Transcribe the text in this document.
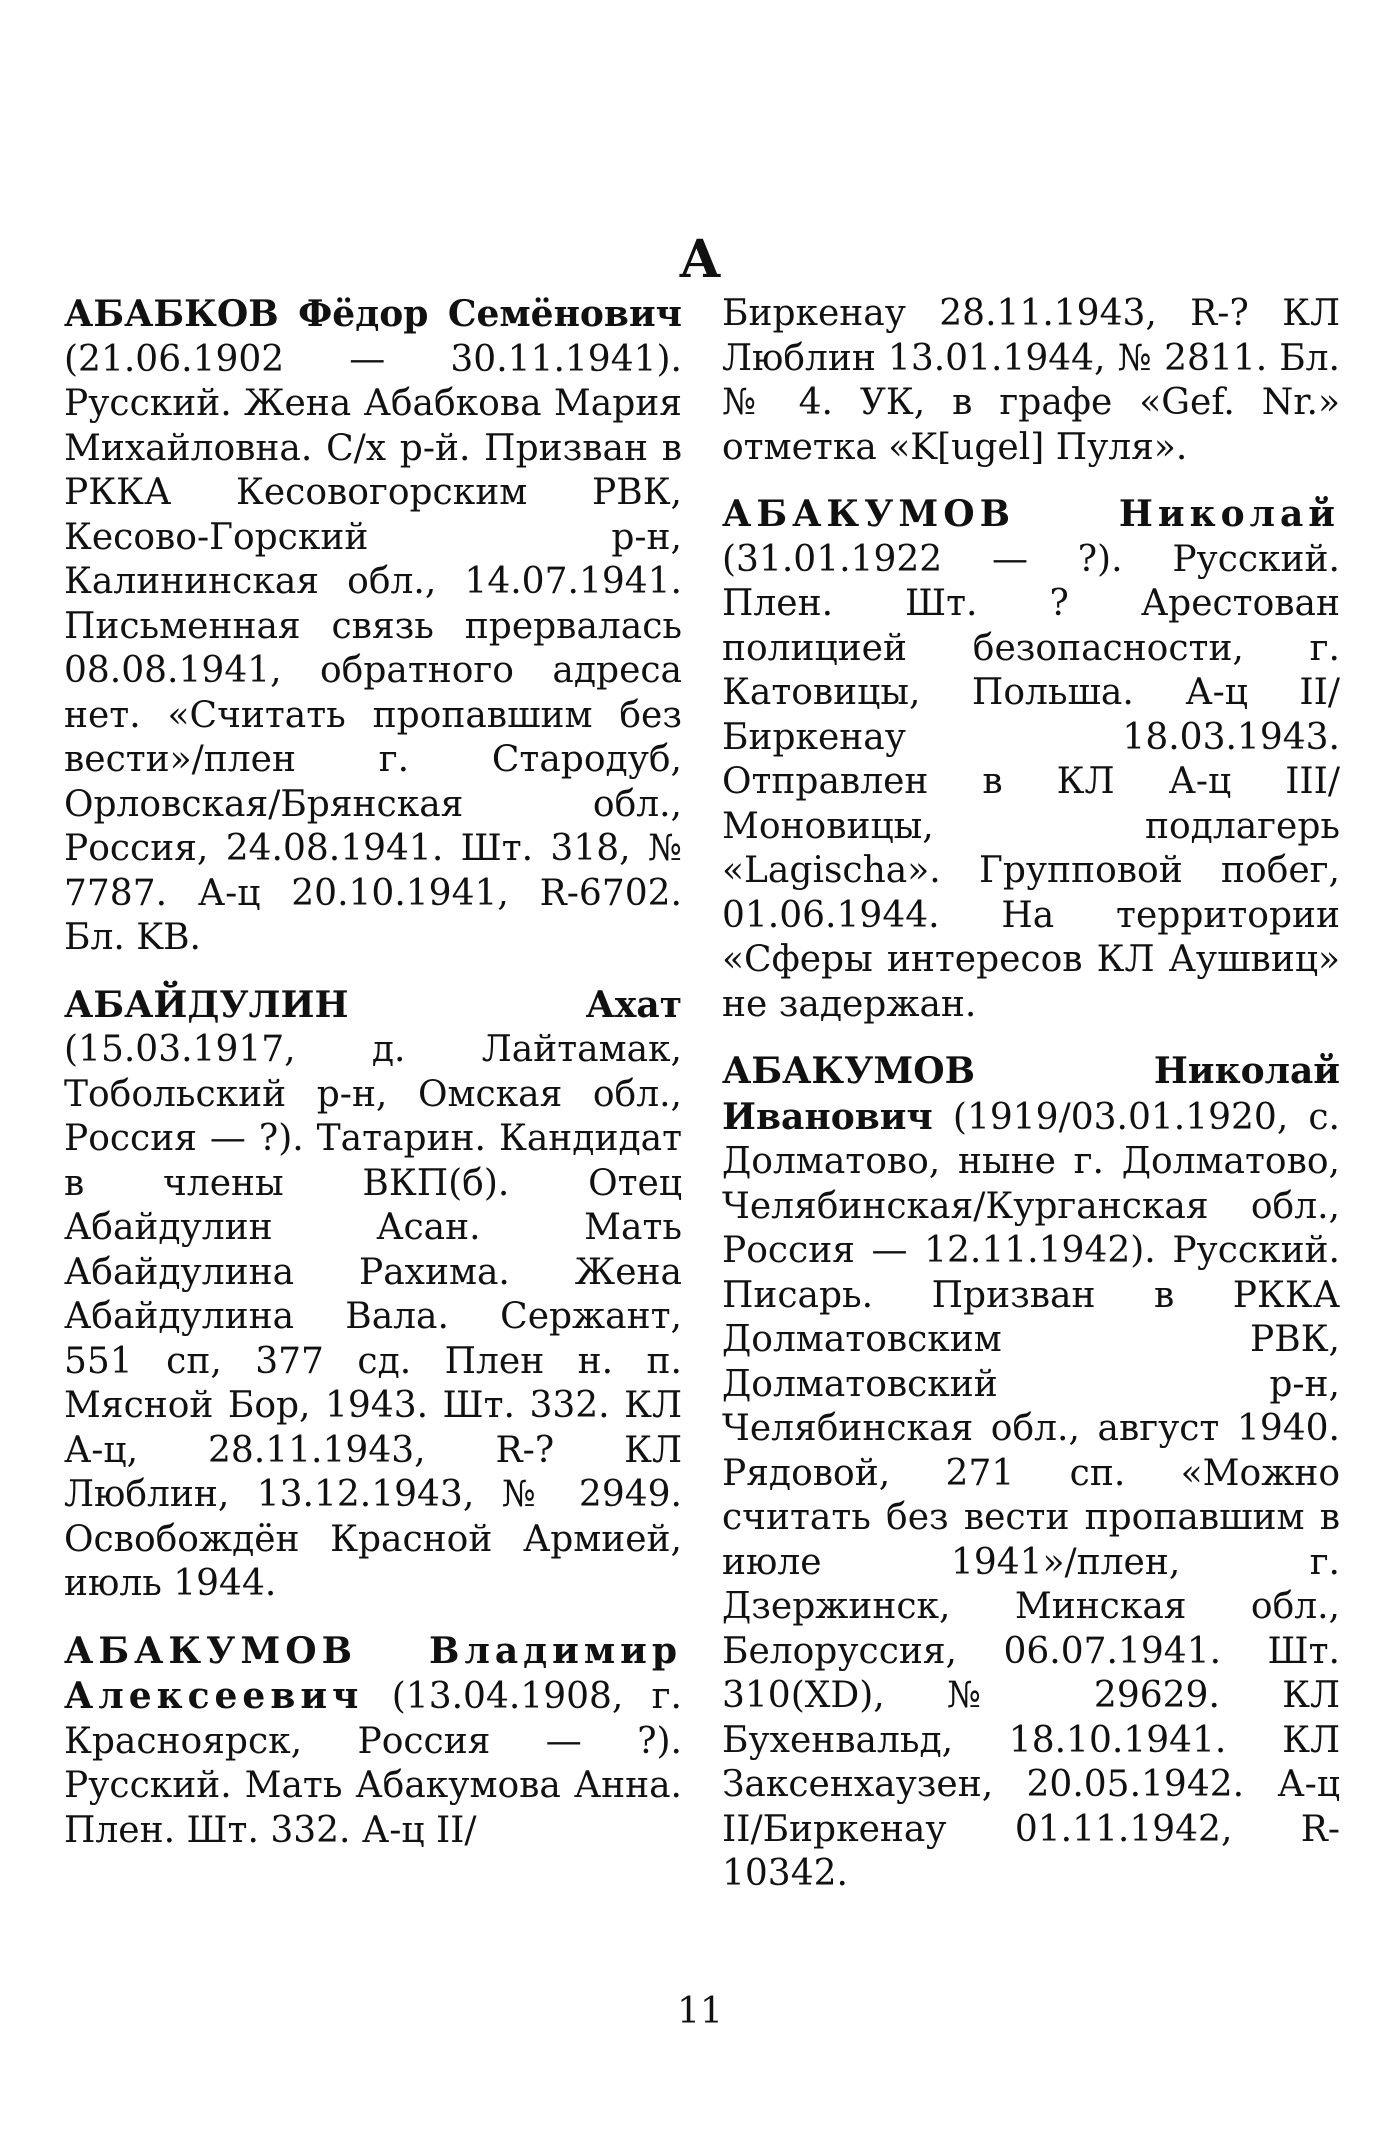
А

АБАБКОВ Фёдор Семёнович (21.06.1902 — 30.11.1941). Русский. Жена Абабкова Мария Михайловна. С/х р-й. Призван в РККА Кесовогорским РВК, Кесово-Горский р-н, Калининская обл., 14.07.1941. Письменная связь прервалась 08.08.1941, обратного адреса нет. «Считать пропавшим без вести»/плен г. Стародуб, Орловская/Брянская обл., Россия, 24.08.1941. Шт. 318, № 7787. А-ц 20.10.1941, R-6702. Бл. KB.

АБАЙДУЛИН Ахат (15.03.1917, д. Лайтамак, Тобольский р-н, Омская обл., Россия — ?). Татарин. Кандидат в члены ВКП(б). Отец Абайдулин Асан. Мать Абайдулина Рахима. Жена Абайдулина Вала. Сержант, 551 сп, 377 сд. Плен н. п. Мясной Бор, 1943. Шт. 332. КЛ А-ц, 28.11.1943, R-? КЛ Люблин, 13.12.1943, № 2949. Освобождён Красной Армией, июль 1944.

АБАКУМОВ Владимир Алексеевич (13.04.1908, г. Красноярск, Россия — ?). Русский. Мать Абакумова Анна. Плен. Шт. 332. А-ц II/

Биркенау 28.11.1943, R-? КЛ Люблин 13.01.1944, № 2811. Бл. № 4. УК, в графе «Gef. Nr.» отметка «K[ugel] Пуля».

АБАКУМОВ Николай (31.01.1922 — ?). Русский. Плен. Шт. ? Арестован полицией безопасности, г. Катовицы, Польша. А-ц II/Биркенау 18.03.1943. Отправлен в КЛ А-ц III/Моновицы, подлагерь «Lagischa». Групповой побег, 01.06.1944. На территории «Сферы интересов КЛ Аушвиц» не задержан.

АБАКУМОВ Николай Иванович (1919/03.01.1920, с. Долматово, ныне г. Долматово, Челябинская/Курганская обл., Россия — 12.11.1942). Русский. Писарь. Призван в РККА Долматовским РВК, Долматовский р-н, Челябинская обл., август 1940. Рядовой, 271 сп. «Можно считать без вести пропавшим в июле 1941»/плен, г. Дзержинск, Минская обл., Белоруссия, 06.07.1941. Шт. 310(XD), № 29629. КЛ Бухенвальд, 18.10.1941. КЛ Заксенхаузен, 20.05.1942. А-ц II/Биркенау 01.11.1942, R-10342.

11
